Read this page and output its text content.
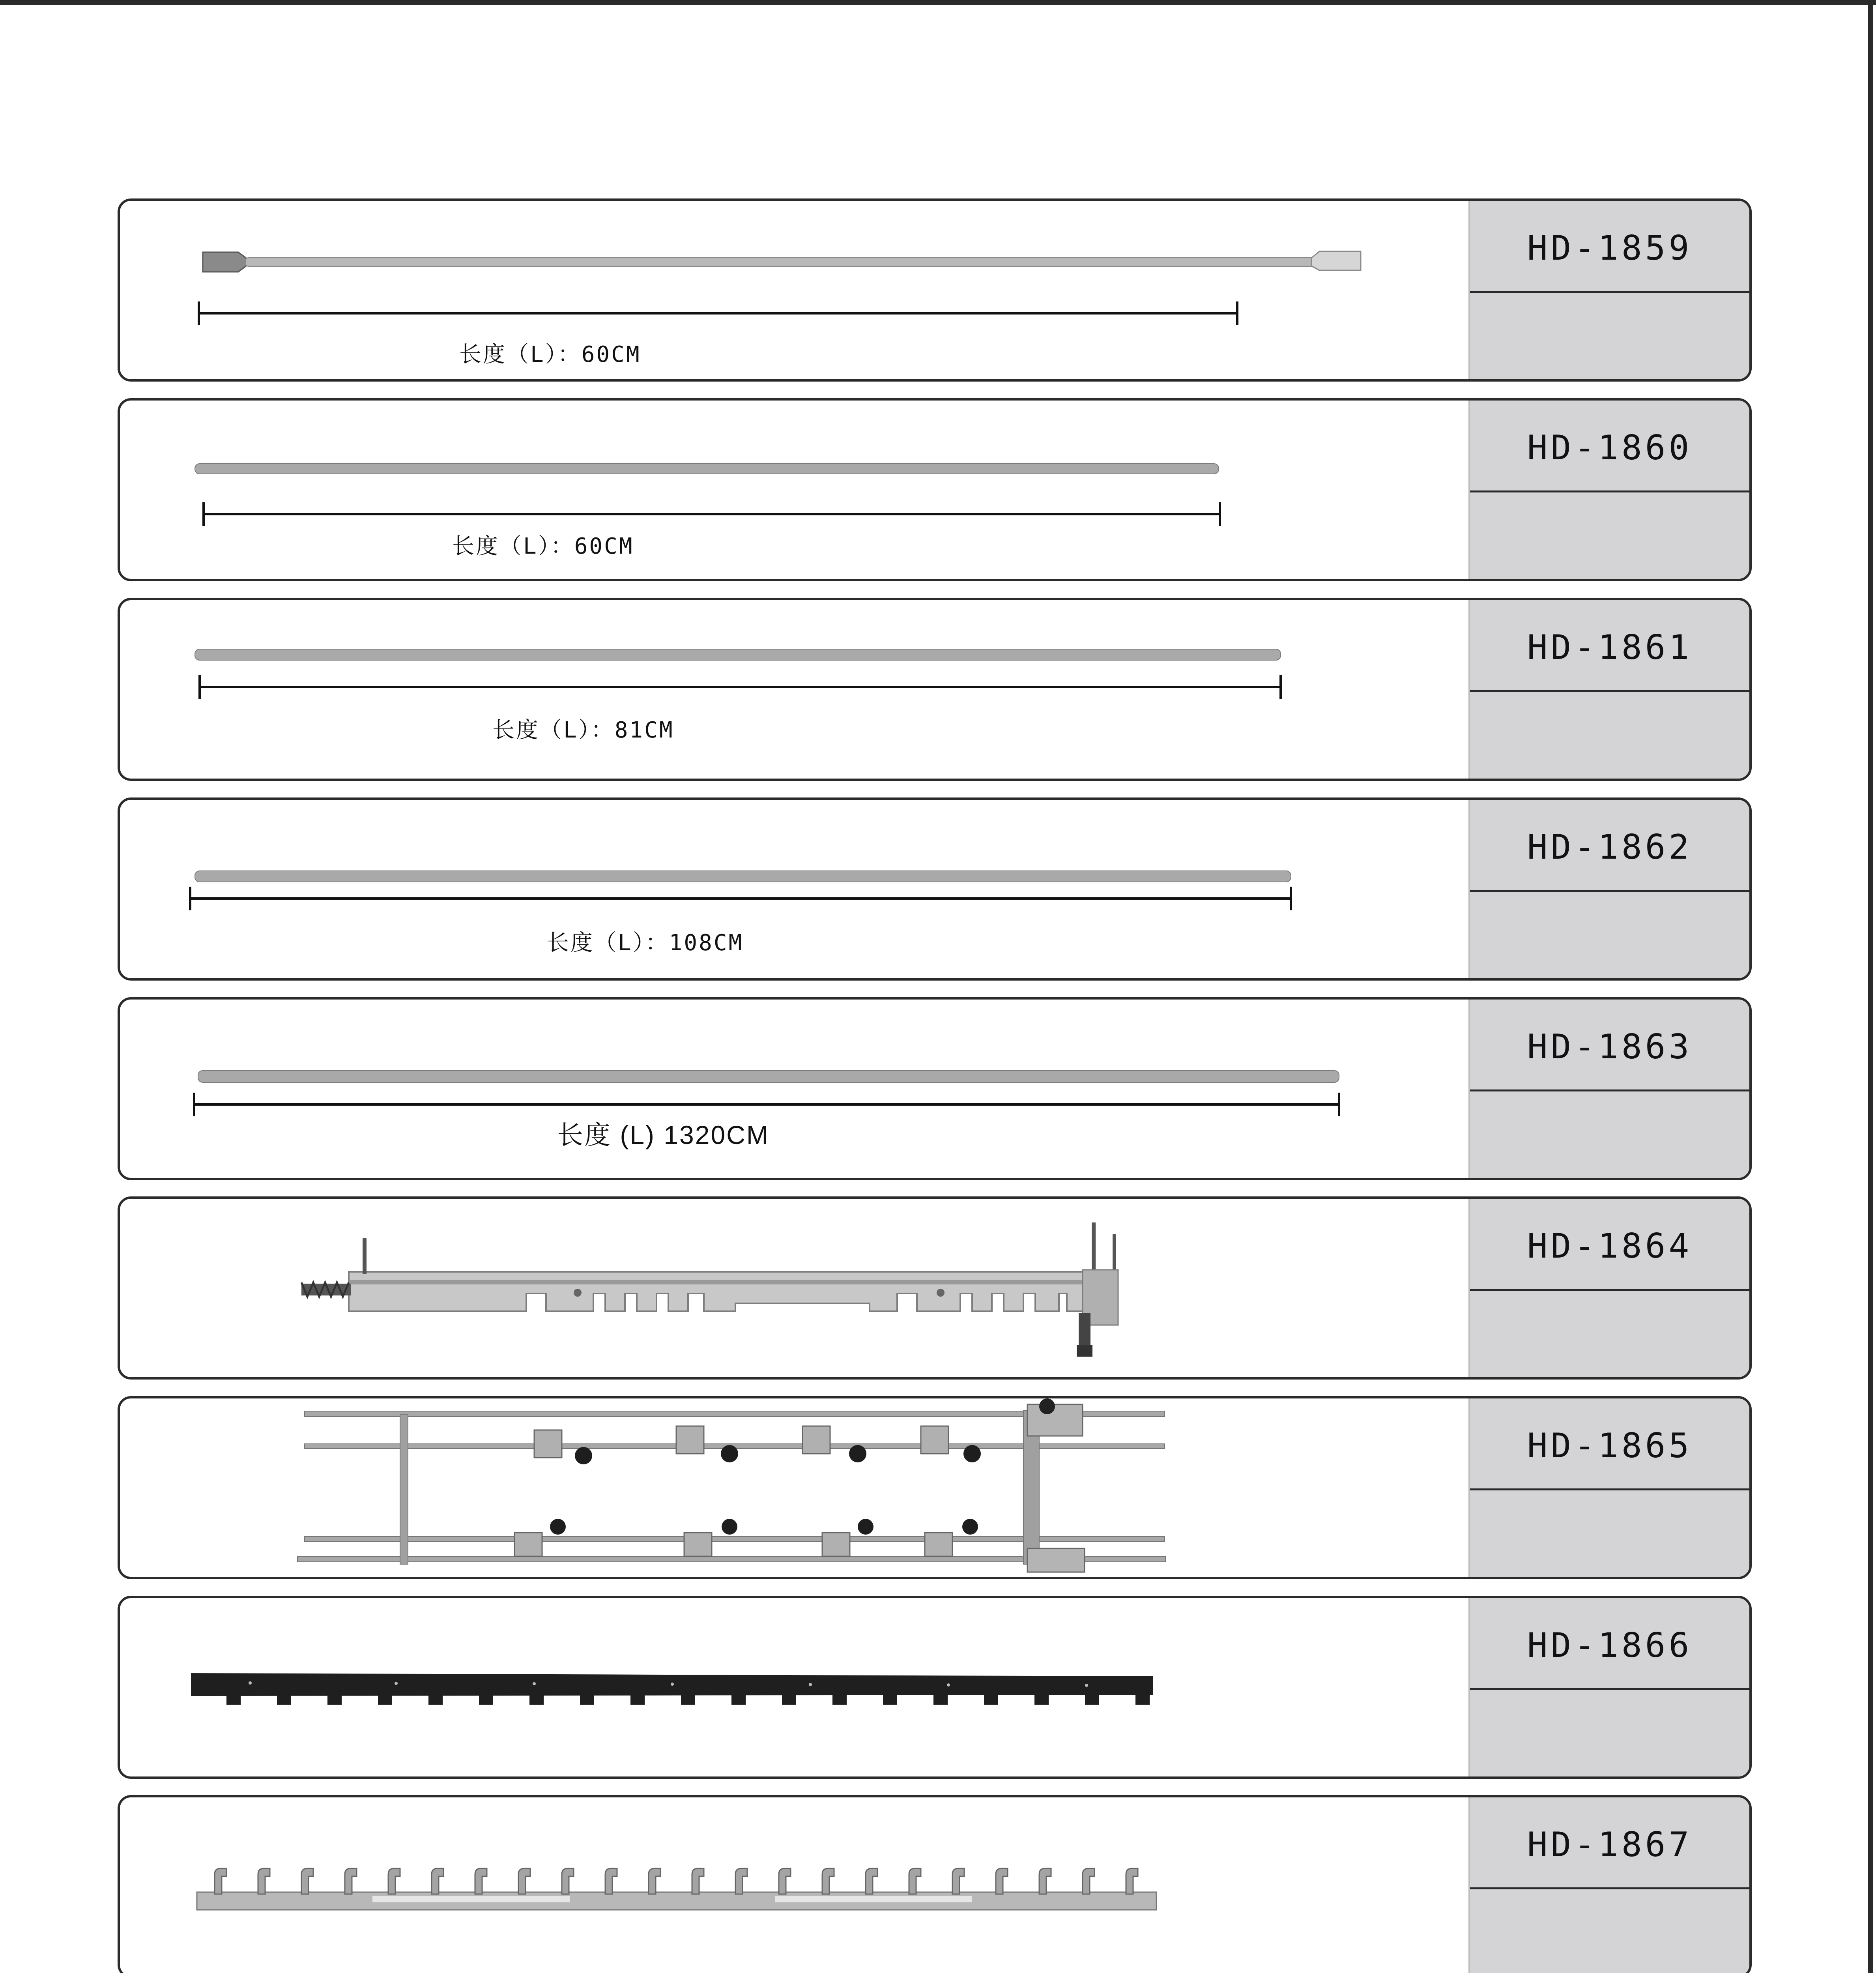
长度（L）：60CM
HD-1859
长度（L）：60CM
HD-1860
长度（L）：81CM
HD-1861
长度（L）：108CM
HD-1862
长度 (L) 1320CM
HD-1863
HD-1864
HD-1865
HD-1866
HD-1867
